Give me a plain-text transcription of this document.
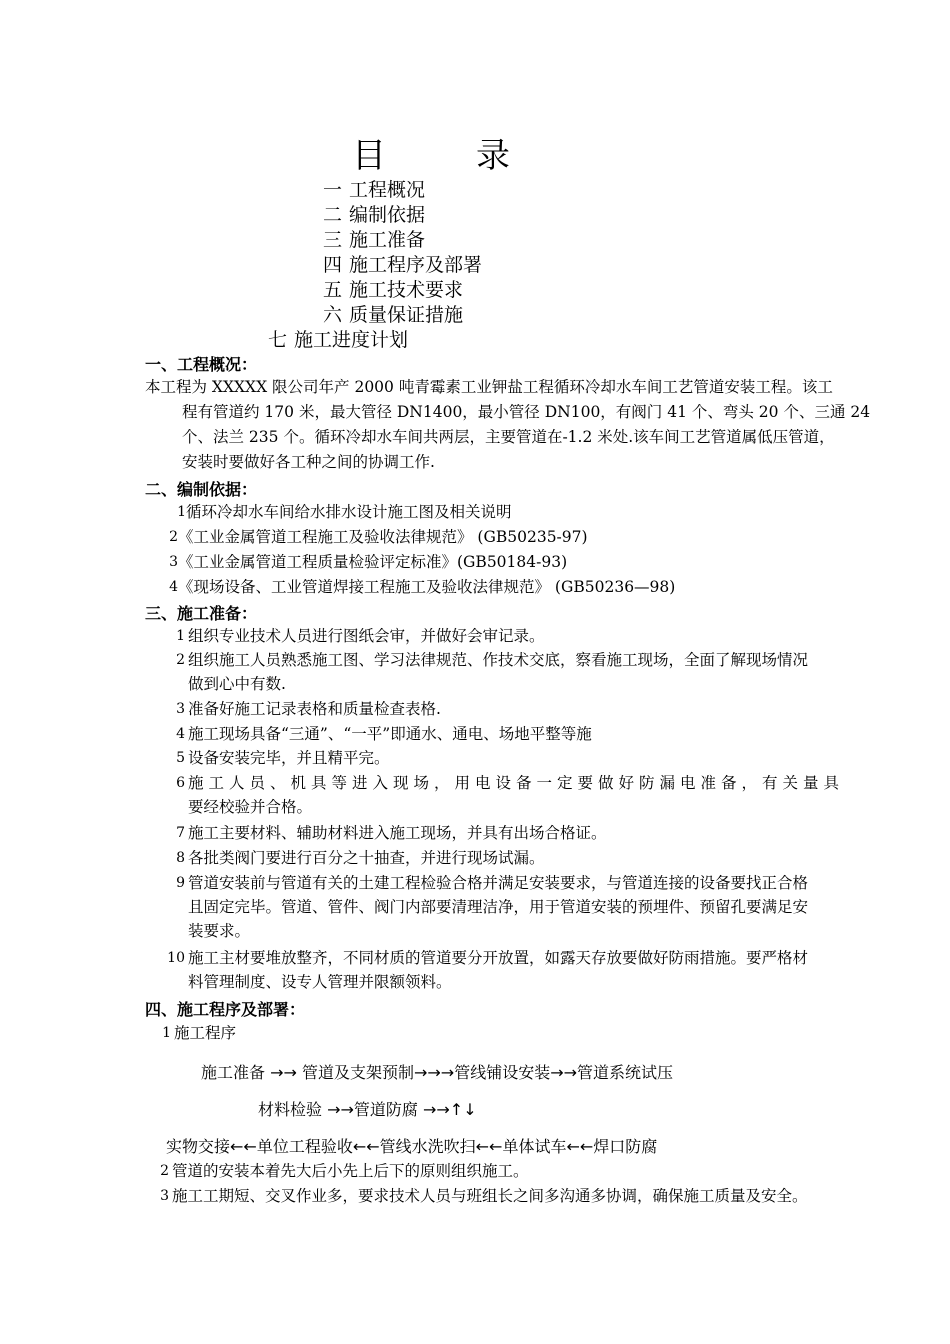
目	录
一 工程概况
二 编制依据
三 施工准备
四 施工程序及部署
五 施工技术要求
六 质量保证措施
七 施工进度计划
一、工程概况：
本工程为 XXXXX 限公司年产 2000 吨青霉素工业钾盐工程循环冷却水车间工艺管道安装工程。该工
程有管道约 170 米，最大管径 DN1400，最小管径 DN100，有阀门 41 个、弯头 20 个、三通 24
个、法兰 235 个。循环冷却水车间共两层，主要管道在-1.2 米处.该车间工艺管道属低压管道，
安装时要做好各工种之间的协调工作.
二、编制依据：
1 循环冷却水车间给水排水设计施工图及相关说明
2 《工业金属管道工程施工及验收法律规范》 (GB50235-97)
3 《工业金属管道工程质量检验评定标准》(GB50184-93)
4 《现场设备、工业管道焊接工程施工及验收法律规范》 (GB50236—98)
三、施工准备：
1 组织专业技术人员进行图纸会审，并做好会审记录。
2 组织施工人员熟悉施工图、学习法律规范、作技术交底，察看施工现场，全面了解现场情况
做到心中有数.
3 准备好施工记录表格和质量检查表格.
4 施工现场具备“三通”、“一平”即通水、通电、场地平整等施
5 设备安装完毕，并且精平完。
6 施工人员、机具等进入现场，用电设备一定要做好防漏电准备，有关量具
要经校验并合格。
7 施工主要材料、辅助材料进入施工现场，并具有出场合格证。
8 各批类阀门要进行百分之十抽查，并进行现场试漏。
9 管道安装前与管道有关的土建工程检验合格并满足安装要求，与管道连接的设备要找正合格
且固定完毕。管道、管件、阀门内部要清理洁净，用于管道安装的预埋件、预留孔要满足安
装要求。
10 施工主材要堆放整齐，不同材质的管道要分开放置，如露天存放要做好防雨措施。要严格材
料管理制度、设专人管理并限额领料。
四、施工程序及部署：
1 施工程序
施工准备 →→ 管道及支架预制→→→管线铺设安装→→管道系统试压
材料检验 →→管道防腐 →→↑↓
实物交接←←单位工程验收←←管线水洗吹扫←←单体试车←←焊口防腐
2 管道的安装本着先大后小先上后下的原则组织施工。
3 施工工期短、交叉作业多，要求技术人员与班组长之间多沟通多协调，确保施工质量及安全。
